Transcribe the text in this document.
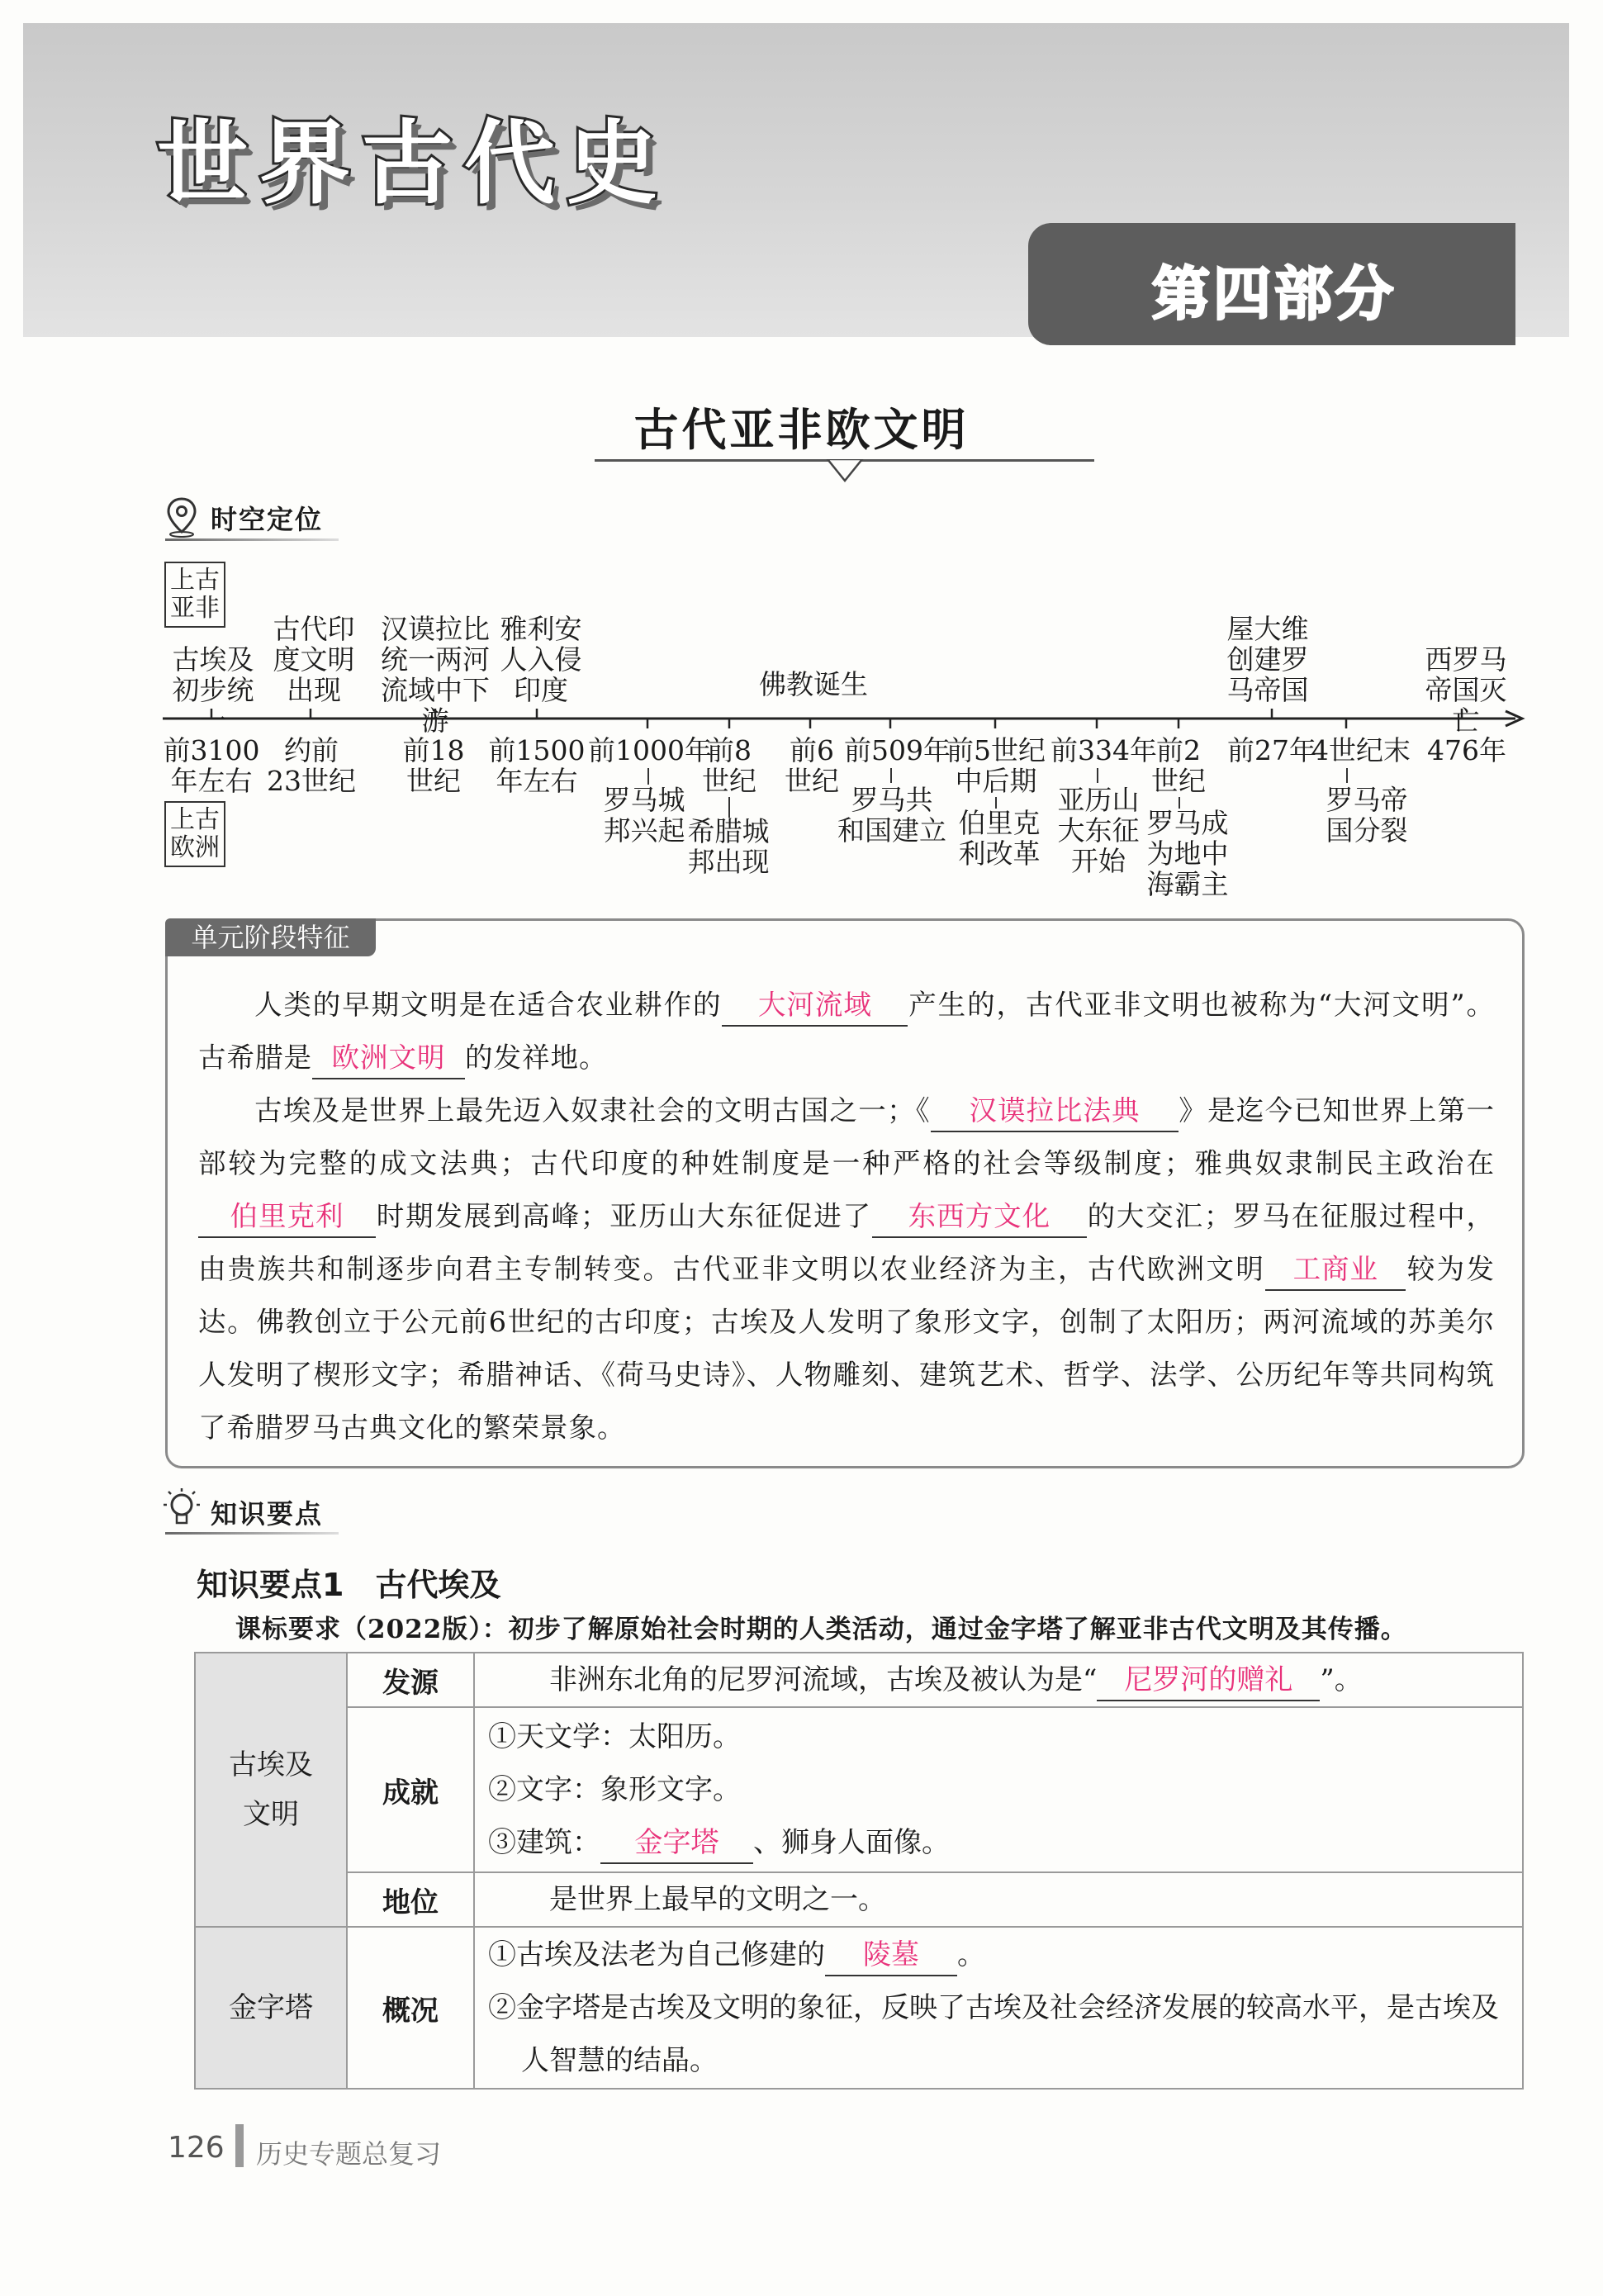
世界古代史
第四部分
古代亚非欧文明
时空定位
上古
亚非
上古
欧洲
古埃及
初步统一
古代印
度文明
出现
汉谟拉比
统一两河
流域中下游
雅利安
人入侵
印度	佛教诞生
屋大维
创建罗
马帝国
西罗马
帝国灭亡
前3100
年左右
约前
23世纪
前18
世纪
前1500
年左右
前1000年
前8
世纪
前6
世纪
前509年
前5世纪
中后期
前334年 前2
世纪
前27年
4世纪末 476年
罗马城
邦兴起 希腊城
邦出现
罗马共
和国建立 伯里克
利改革
亚历山
大东征
开始
罗马成
为地中
海霸主
罗马帝
国分裂
单元阶段特征

人类的早期文明是在适合农业耕作的 大河流域 产生的，古代亚非文明也被称为“大河文明”。古希腊是 欧洲文明 的发祥地。

古埃及是世界上最先迈入奴隶社会的文明古国之一；《 汉谟拉比法典 》是迄今已知世界上第一部较为完整的成文法典；古代印度的种姓制度是一种严格的社会等级制度；雅典奴隶制民主政治在伯里克利 时期发展到高峰；亚历山大东征促进了 东西方文化 的大交汇；罗马在征服过程中，由贵族共和制逐步向君主专制转变。古代亚非文明以农业经济为主，古代欧洲文明 工商业 较为发达。佛教创立于公元前6世纪的古印度；古埃及人发明了象形文字，创制了太阳历；两河流域的苏美尔人发明了楔形文字；希腊神话、《荷马史诗》、人物雕刻、建筑艺术、哲学、法学、公历纪年等共同构筑了希腊罗马古典文化的繁荣景象。

知识要点
知识要点1　古代埃及
课标要求（2022版）：初步了解原始社会时期的人类活动，通过金字塔了解亚非古代文明及其传播。
古埃及
文明	发源	非洲东北角的尼罗河流域，古埃及被认为是“ 尼罗河的赠礼 ”。
	成就	①天文学：太阳历。
②文字：象形文字。
③建筑： 金字塔 、狮身人面像。

	地位	是世界上最早的文明之一。
金字塔	概况	①古埃及法老为自己修建的 陵墓 。
②金字塔是古埃及文明的象征，反映了古埃及社会经济发展的较高水平，是古埃及人智慧的结晶。
126 历史专题总复习
